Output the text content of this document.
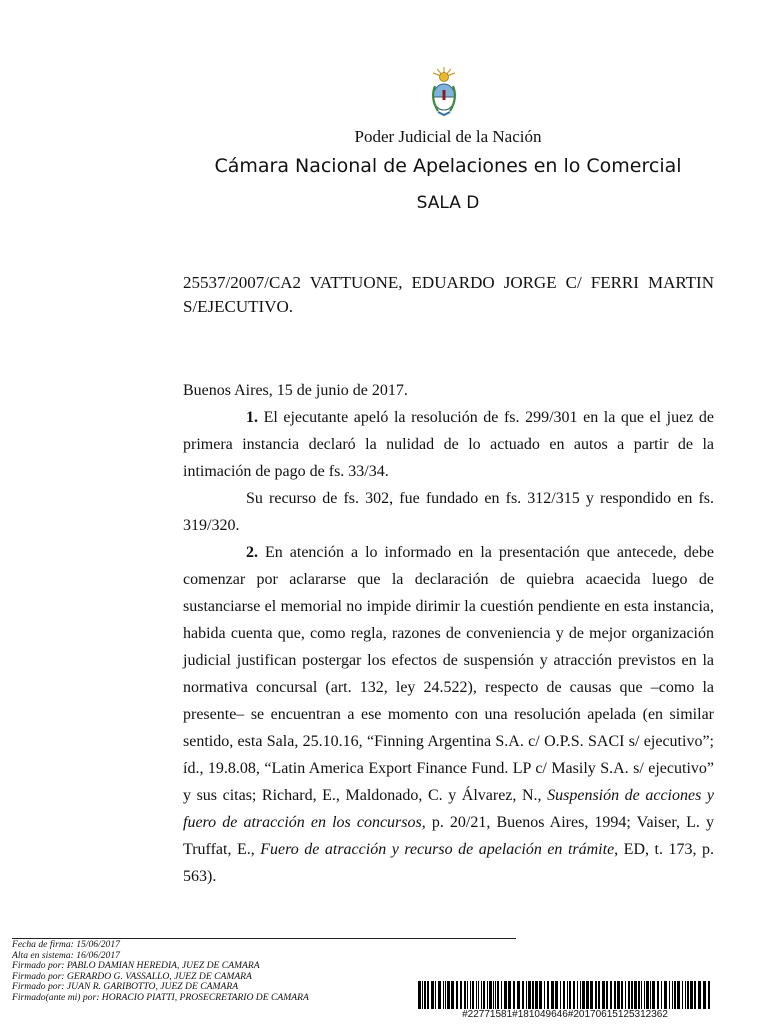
Poder Judicial de la Nación
Cámara Nacional de Apelaciones en lo Comercial
SALA D
25537/2007/CA2 VATTUONE, EDUARDO JORGE C/ FERRI MARTIN S/EJECUTIVO.

Buenos Aires, 15 de junio de 2017.

1. El ejecutante apeló la resolución de fs. 299/301 en la que el juez de primera instancia declaró la nulidad de lo actuado en autos a partir de la intimación de pago de fs. 33/34.

Su recurso de fs. 302, fue fundado en fs. 312/315 y respondido en fs. 319/320.

2. En atención a lo informado en la presentación que antecede, debe comenzar por aclararse que la declaración de quiebra acaecida luego de sustanciarse el memorial no impide dirimir la cuestión pendiente en esta instancia, habida cuenta que, como regla, razones de conveniencia y de mejor organización judicial justifican postergar los efectos de suspensión y atracción previstos en la normativa concursal (art. 132, ley 24.522), respecto de causas que –como la presente– se encuentran a ese momento con una resolución apelada (en similar sentido, esta Sala, 25.10.16, “Finning Argentina S.A. c/ O.P.S. SACI s/ ejecutivo”; íd., 19.8.08, “Latin America Export Finance Fund. LP c/ Masily S.A. s/ ejecutivo” y sus citas; Richard, E., Maldonado, C. y Álvarez, N., Suspensión de acciones y fuero de atracción en los concursos, p. 20/21, Buenos Aires, 1994; Vaiser, L. y Truffat, E., Fuero de atracción y recurso de apelación en trámite, ED, t. 173, p. 563).

Fecha de firma: 15/06/2017
Alta en sistema: 16/06/2017
Firmado por: PABLO DAMIAN HEREDIA, JUEZ DE CAMARA
Firmado por: GERARDO G. VASSALLO, JUEZ DE CAMARA
Firmado por: JUAN R. GARIBOTTO, JUEZ DE CAMARA
Firmado(ante mi) por: HORACIO PIATTI, PROSECRETARIO DE CAMARA
#22771581#181049646#20170615125312362
